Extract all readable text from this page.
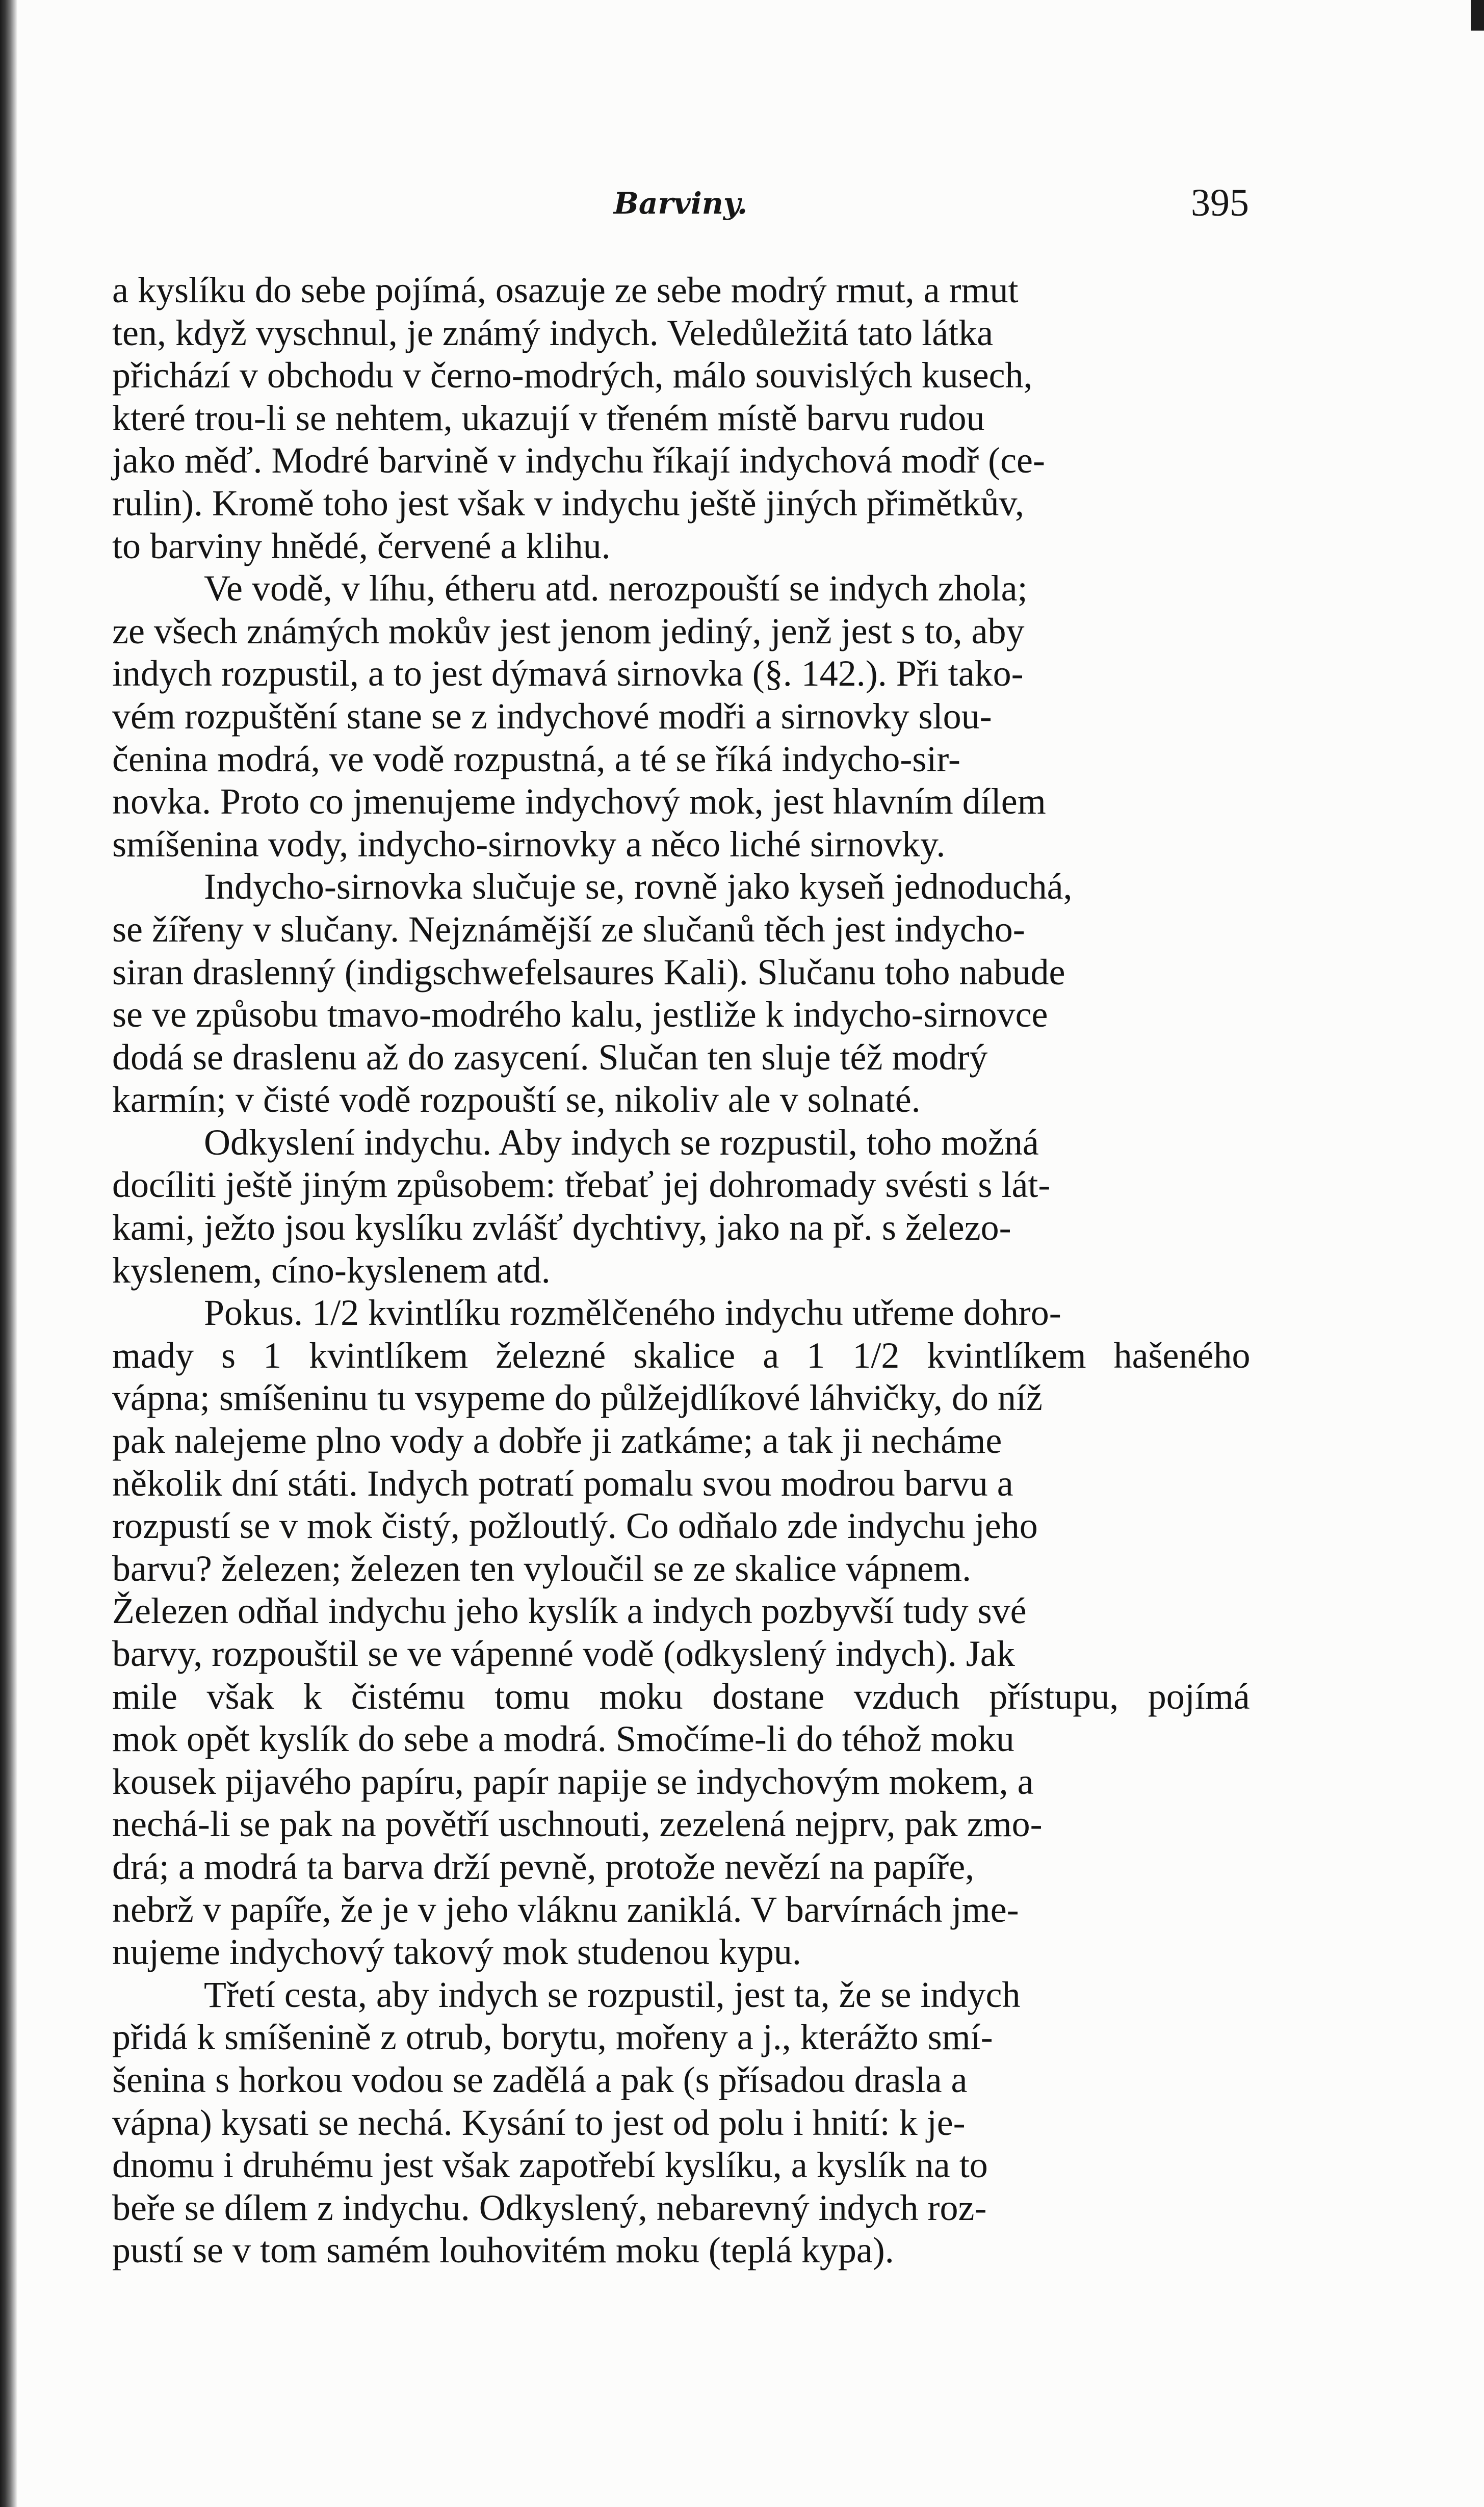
Barviny.	395
a kyslíku do sebe pojímá, osazuje ze sebe modrý rmut, a rmut
ten, když vyschnul, je známý indych. Veledůležitá tato látka
přichází v obchodu v černo-modrých, málo souvislých kusech,
které trou-li se nehtem, ukazují v třeném místě barvu rudou
jako měď. Modré barvině v indychu říkají indychová modř (ce-
rulin). Kromě toho jest však v indychu ještě jiných přimětkův,
to barviny hnědé, červené a klihu.
Ve vodě, v líhu, étheru atd. nerozpouští se indych zhola;
ze všech známých mokův jest jenom jediný, jenž jest s to, aby
indych rozpustil, a to jest dýmavá sirnovka (§. 142.). Při tako-
vém rozpuštění stane se z indychové modři a sirnovky slou-
čenina modrá, ve vodě rozpustná, a té se říká indycho-sir-
novka. Proto co jmenujeme indychový mok, jest hlavním dílem
smíšenina vody, indycho-sirnovky a něco liché sirnovky.
Indycho-sirnovka slučuje se, rovně jako kyseň jednoduchá,
se žířeny v slučany. Nejznámější ze slučanů těch jest indycho-
siran draslenný (indigschwefelsaures Kali). Slučanu toho nabude
se ve způsobu tmavo-modrého kalu, jestliže k indycho-sirnovce
dodá se draslenu až do zasycení. Slučan ten sluje též modrý
karmín; v čisté vodě rozpouští se, nikoliv ale v solnaté.
Odkyslení indychu. Aby indych se rozpustil, toho možná
docíliti ještě jiným způsobem: třebať jej dohromady svésti s lát-
kami, ježto jsou kyslíku zvlášť dychtivy, jako na př. s železo-
kyslenem, cíno-kyslenem atd.
Pokus. 1/2 kvintlíku rozmělčeného indychu utřeme dohro-
mady s 1 kvintlíkem železné skalice a 1 1/2 kvintlíkem hašeného
vápna; smíšeninu tu vsypeme do půlžejdlíkové láhvičky, do níž
pak nalejeme plno vody a dobře ji zatkáme; a tak ji necháme
několik dní státi. Indych potratí pomalu svou modrou barvu a
rozpustí se v mok čistý, požloutlý. Co odňalo zde indychu jeho
barvu? železen; železen ten vyloučil se ze skalice vápnem.
Železen odňal indychu jeho kyslík a indych pozbyvší tudy své
barvy, rozpouštil se ve vápenné vodě (odkyslený indych). Jak
mile však k čistému tomu moku dostane vzduch přístupu, pojímá
mok opět kyslík do sebe a modrá. Smočíme-li do téhož moku
kousek pijavého papíru, papír napije se indychovým mokem, a
nechá-li se pak na povětří uschnouti, zezelená nejprv, pak zmo-
drá; a modrá ta barva drží pevně, protože nevězí na papíře,
nebrž v papíře, že je v jeho vláknu zaniklá. V barvírnách jme-
nujeme indychový takový mok studenou kypu.
Třetí cesta, aby indych se rozpustil, jest ta, že se indych
přidá k smíšenině z otrub, borytu, mořeny a j., kterážto smí-
šenina s horkou vodou se zadělá a pak (s přísadou drasla a
vápna) kysati se nechá. Kysání to jest od polu i hnití: k je-
dnomu i druhému jest však zapotřebí kyslíku, a kyslík na to
beře se dílem z indychu. Odkyslený, nebarevný indych roz-
pustí se v tom samém louhovitém moku (teplá kypa).
